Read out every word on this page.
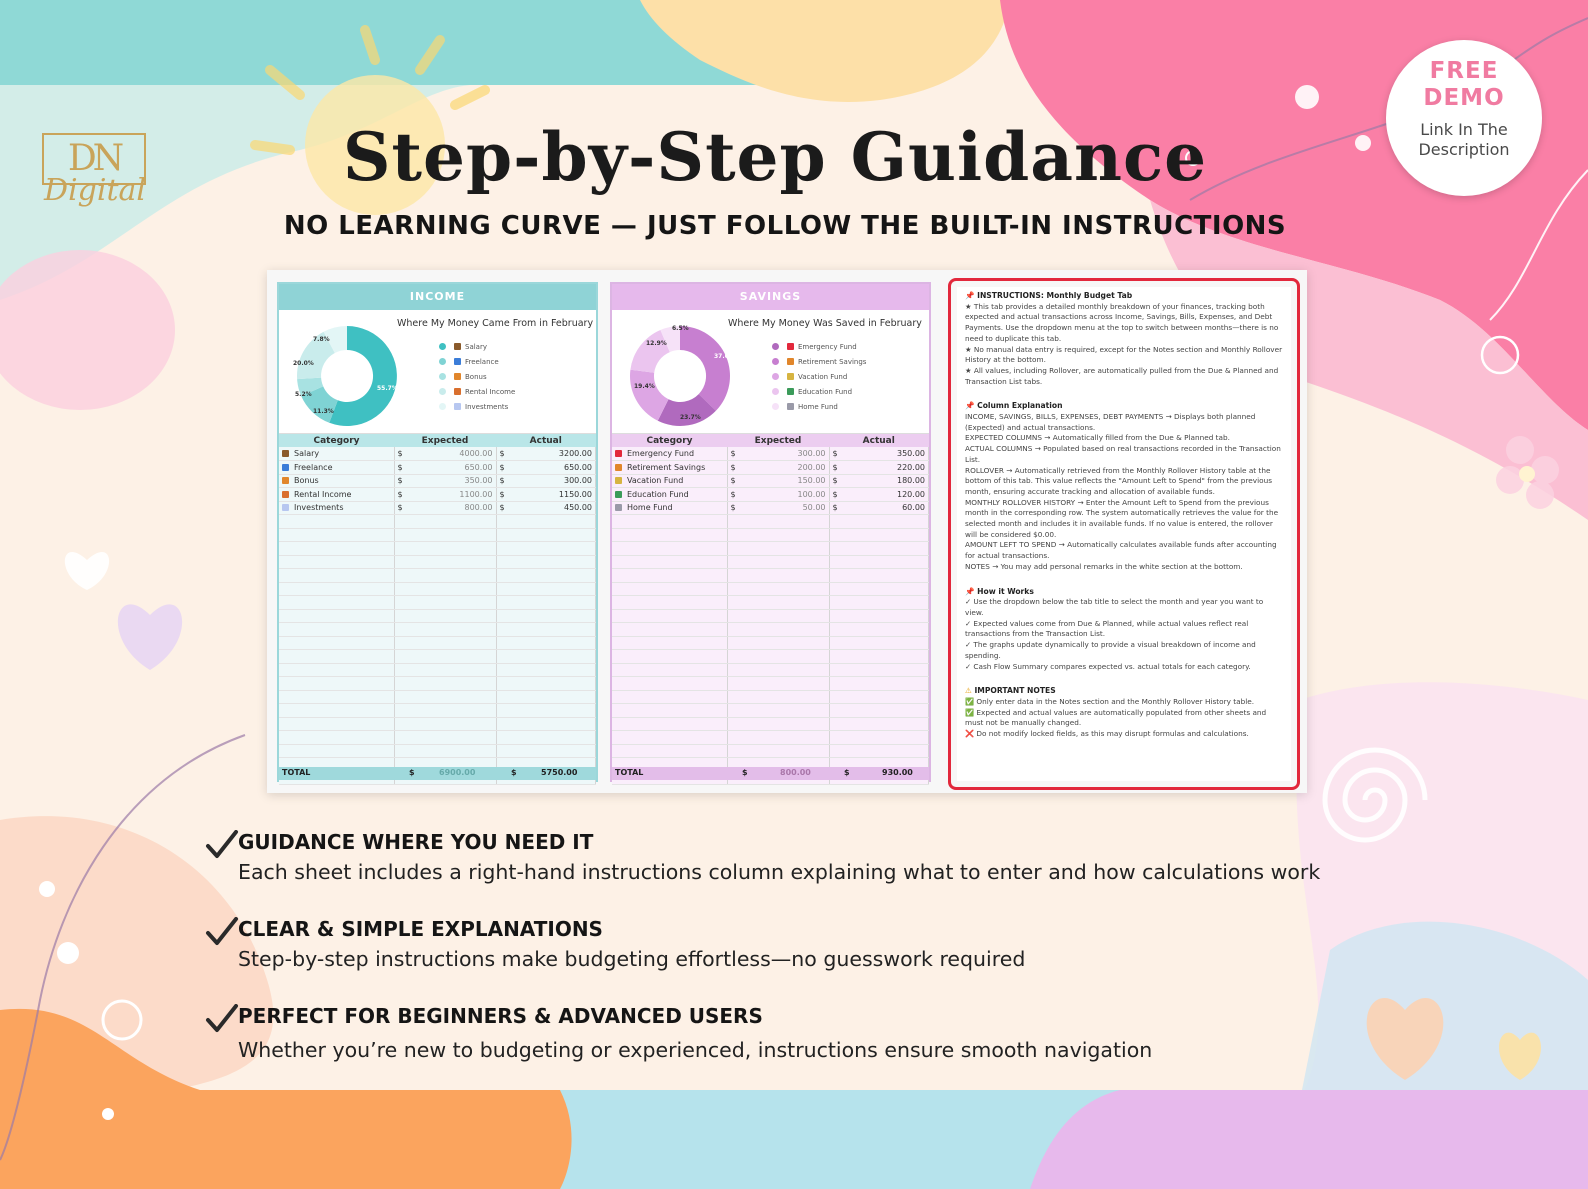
DN
Digital	Step-by-Step Guidance
NO LEARNING CURVE — JUST FOLLOW THE BUILT-IN INSTRUCTIONS
FREE
DEMO
Link In The
Description
INCOME
Where My Money Came From in February
7.8%
20.0%
5.2%
11.3%
55.7%
Salary
Freelance
Bonus
Rental Income
Investments
Category	Expected		Actual	
Salary	$	4000.00	$	3200.00
Freelance	$	650.00	$	650.00
Bonus	$	350.00	$	300.00
Rental Income	$	1100.00	$	1150.00
Investments	$	800.00	$	450.00

TOTAL	$	6900.00	$	5750.00
SAVINGS
Where My Money Was Saved in February
6.5%
12.9%
37.6%
19.4%
23.7%
Emergency Fund
Retirement Savings
Vacation Fund
Education Fund
Home Fund
Category	Expected		Actual	
Emergency Fund	$	300.00	$	350.00
Retirement Savings	$	200.00	$	220.00
Vacation Fund	$	150.00	$	180.00
Education Fund	$	100.00	$	120.00
Home Fund	$	50.00	$	60.00

TOTAL	$	800.00	$	930.00
📌 INSTRUCTIONS: Monthly Budget Tab

★ This tab provides a detailed monthly breakdown of your finances, tracking both expected and actual transactions across Income, Savings, Bills, Expenses, and Debt Payments. Use the dropdown menu at the top to switch between months—there is no need to duplicate this tab.

★ No manual data entry is required, except for the Notes section and Monthly Rollover History at the bottom.

★ All values, including Rollover, are automatically pulled from the Due & Planned and Transaction List tabs.

📌 Column Explanation

INCOME, SAVINGS, BILLS, EXPENSES, DEBT PAYMENTS → Displays both planned (Expected) and actual transactions.

EXPECTED COLUMNS → Automatically filled from the Due & Planned tab.

ACTUAL COLUMNS → Populated based on real transactions recorded in the Transaction List.

ROLLOVER → Automatically retrieved from the Monthly Rollover History table at the bottom of this tab. This value reflects the "Amount Left to Spend" from the previous month, ensuring accurate tracking and allocation of available funds.

MONTHLY ROLLOVER HISTORY → Enter the Amount Left to Spend from the previous month in the corresponding row. The system automatically retrieves the value for the selected month and includes it in available funds. If no value is entered, the rollover will be considered $0.00.

AMOUNT LEFT TO SPEND → Automatically calculates available funds after accounting for actual transactions.

NOTES → You may add personal remarks in the white section at the bottom.

📌 How it Works

✓ Use the dropdown below the tab title to select the month and year you want to view.

✓ Expected values come from Due & Planned, while actual values reflect real transactions from the Transaction List.

✓ The graphs update dynamically to provide a visual breakdown of income and spending.

✓ Cash Flow Summary compares expected vs. actual totals for each category.

⚠ IMPORTANT NOTES

✅ Only enter data in the Notes section and the Monthly Rollover History table.

✅ Expected and actual values are automatically populated from other sheets and must not be manually changed.

❌ Do not modify locked fields, as this may disrupt formulas and calculations.

GUIDANCE WHERE YOU NEED IT
Each sheet includes a right-hand instructions column explaining what to enter and how calculations work
CLEAR & SIMPLE EXPLANATIONS
Step-by-step instructions make budgeting effortless—no guesswork required
PERFECT FOR BEGINNERS & ADVANCED USERS
Whether you’re new to budgeting or experienced, instructions ensure smooth navigation
